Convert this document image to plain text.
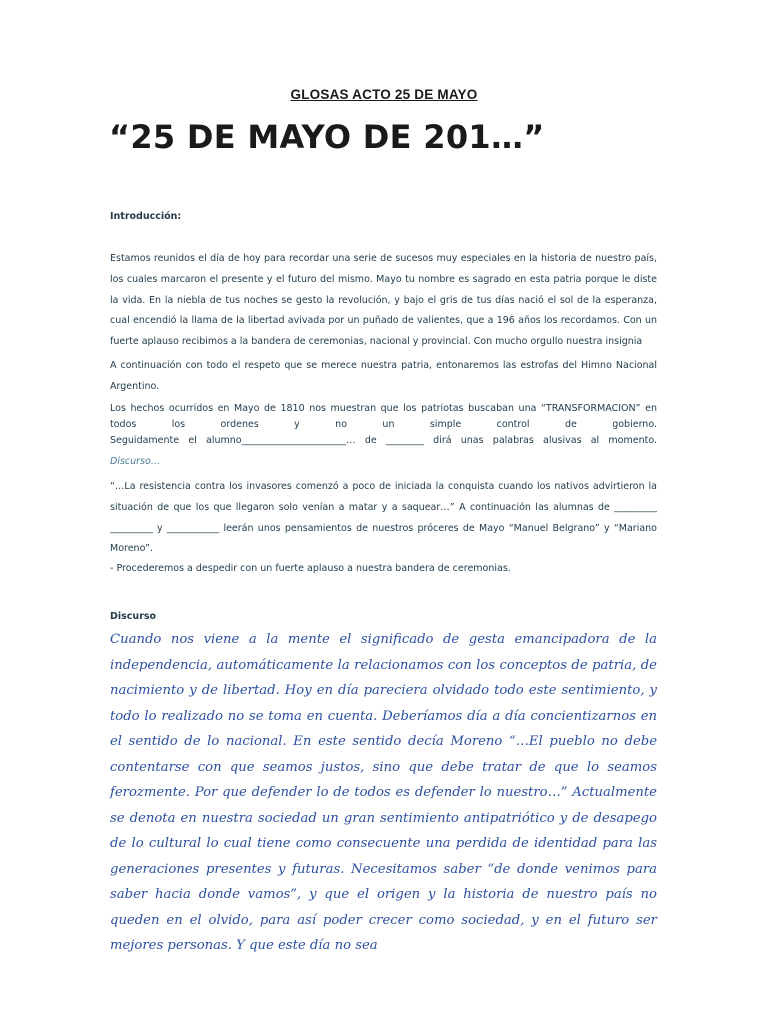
GLOSAS ACTO 25 DE MAYO
“25 DE MAYO DE 201…”
Introducción:

Estamos reunidos el día de hoy para recordar una serie de sucesos muy especiales en la historia de nuestro país, los cuales marcaron el presente y el futuro del mismo. Mayo tu nombre es sagrado en esta patria porque le diste la vida. En la niebla de tus noches se gesto la revolución, y bajo el gris de tus días nació el sol de la esperanza, cual encendió la llama de la libertad avivada por un puñado de valientes, que a 196 años los recordamos. Con un fuerte aplauso recibimos a la bandera de ceremonias, nacional y provincial. Con mucho orgullo nuestra insignia

A continuación con todo el respeto que se merece nuestra patria, entonaremos las estrofas del Himno Nacional Argentino.

Los hechos ocurridos en Mayo de 1810 nos muestran que los patriotas buscaban una “TRANSFORMACION” en todos los ordenes y no un simple control de gobierno.

Seguidamente el alumno______________________… de ________ dirá unas palabras alusivas al momento.

Discurso…

“…La resistencia contra los invasores comenzó a poco de iniciada la conquista cuando los nativos advirtieron la situación de que los que llegaron solo venían a matar y a saquear…” A continuación las alumnas de _________ _________ y ___________ leerán unos pensamientos de nuestros próceres de Mayo “Manuel Belgrano” y “Mariano Moreno”.

- Procederemos a despedir con un fuerte aplauso a nuestra bandera de ceremonias.

Discurso

Cuando nos viene a la mente el significado de gesta emancipadora de la independencia, automáticamente la relacionamos con los conceptos de patria, de nacimiento y de libertad. Hoy en día pareciera olvidado todo este sentimiento, y todo lo realizado no se toma en cuenta. Deberíamos día a día concientizarnos en el sentido de lo nacional. En este sentido decía Moreno “…El pueblo no debe contentarse con que seamos justos, sino que debe tratar de que lo seamos ferozmente. Por que defender lo de todos es defender lo nuestro…” Actualmente se denota en nuestra sociedad un gran sentimiento antipatriótico y de desapego de lo cultural lo cual tiene como consecuente una perdida de identidad para las generaciones presentes y futuras. Necesitamos saber “de donde venimos para saber hacia donde vamos”, y que el origen y la historia de nuestro país no queden en el olvido, para así poder crecer como sociedad, y en el futuro ser mejores personas. Y que este día no sea
